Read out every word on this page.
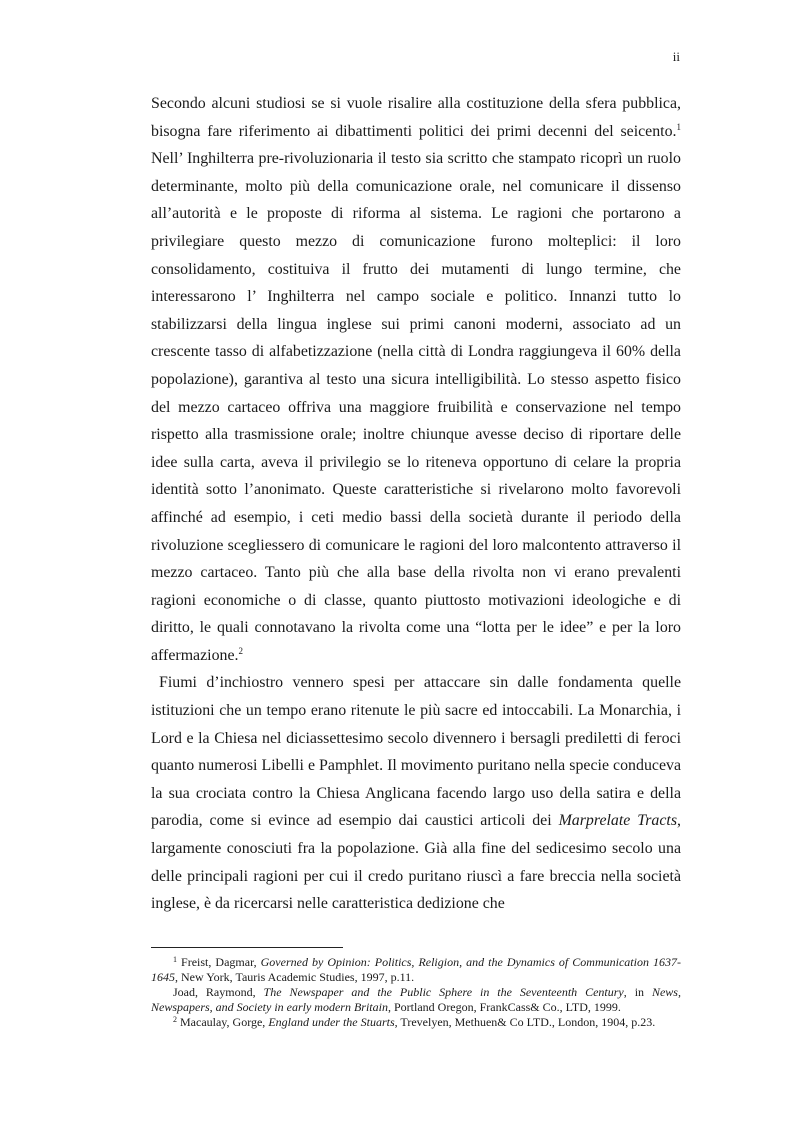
ii

Secondo alcuni studiosi se si vuole risalire alla costituzione della sfera pubblica, bisogna fare riferimento ai dibattimenti politici dei primi decenni del seicento.$^1$ Nell’ Inghilterra pre-rivoluzionaria il testo sia scritto che stampato ricoprì un ruolo determinante, molto più della comunicazione orale, nel comunicare il dissenso all’autorità e le proposte di riforma al sistema. Le ragioni che portarono a privilegiare questo mezzo di comunicazione furono molteplici: il loro consolidamento, costituiva il frutto dei mutamenti di lungo termine, che interessarono l’ Inghilterra nel campo sociale e politico. Innanzi tutto lo stabilizzarsi della lingua inglese sui primi canoni moderni, associato ad un crescente tasso di alfabetizzazione (nella città di Londra raggiungeva il 60% della popolazione), garantiva al testo una sicura intelligibilità. Lo stesso aspetto fisico del mezzo cartaceo offriva una maggiore fruibilità e conservazione nel tempo rispetto alla trasmissione orale; inoltre chiunque avesse deciso di riportare delle idee sulla carta, aveva il privilegio se lo riteneva opportuno di celare la propria identità sotto l’anonimato. Queste caratteristiche si rivelarono molto favorevoli affinché ad esempio, i ceti medio bassi della società durante il periodo della rivoluzione scegliessero di comunicare le ragioni del loro malcontento attraverso il mezzo cartaceo. Tanto più che alla base della rivolta non vi erano prevalenti ragioni economiche o di classe, quanto piuttosto motivazioni ideologiche e di diritto, le quali connotavano la rivolta come una “lotta per le idee” e per la loro affermazione.$^2$

Fiumi d’inchiostro vennero spesi per attaccare sin dalle fondamenta quelle istituzioni che un tempo erano ritenute le più sacre ed intoccabili. La Monarchia, i Lord e la Chiesa nel diciassettesimo secolo divennero i bersagli prediletti di feroci quanto numerosi Libelli e Pamphlet. Il movimento puritano nella specie conduceva la sua crociata contro la Chiesa Anglicana facendo largo uso della satira e della parodia, come si evince ad esempio dai caustici articoli dei Marprelate Tracts, largamente conosciuti fra la popolazione. Già alla fine del sedicesimo secolo una delle principali ragioni per cui il credo puritano riuscì a fare breccia nella società inglese, è da ricercarsi nelle caratteristica dedizione che

$^1$ Freist, Dagmar, Governed by Opinion: Politics, Religion, and the Dynamics of Communication 1637-1645, New York, Tauris Academic Studies, 1997, p.11.

Joad, Raymond, The Newspaper and the Public Sphere in the Seventeenth Century, in News, Newspapers, and Society in early modern Britain, Portland Oregon, FrankCass& Co., LTD, 1999.

$^2$ Macaulay, Gorge, England under the Stuarts, Trevelyen, Methuen& Co LTD., London, 1904, p.23.
